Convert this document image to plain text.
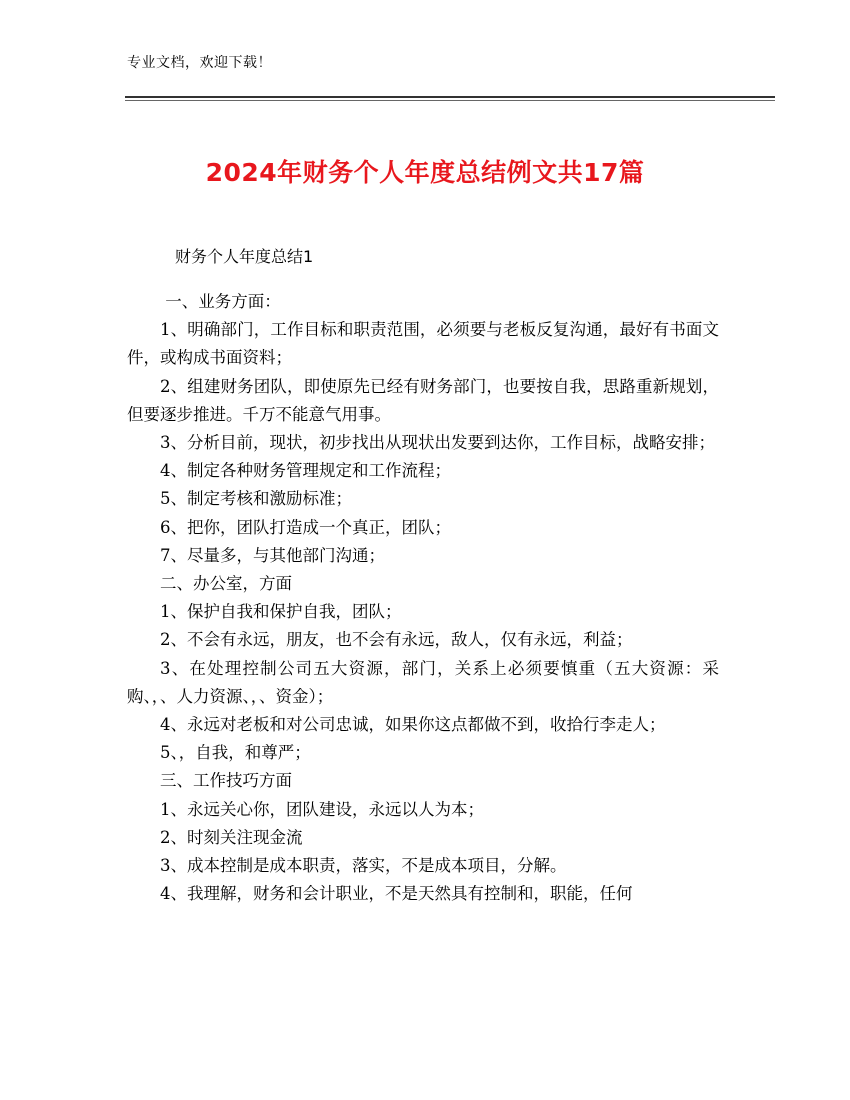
专业文档，欢迎下载！
2024年财务个人年度总结例文共17篇
财务个人年度总结1

一、业务方面：

1、明确部门，工作目标和职责范围，必须要与老板反复沟通，最好有书面文件，或构成书面资料；

2、组建财务团队，即使原先已经有财务部门，也要按自我，思路重新规划，但要逐步推进。千万不能意气用事。

3、分析目前，现状，初步找出从现状出发要到达你，工作目标，战略安排；

4、制定各种财务管理规定和工作流程；

5、制定考核和激励标准；

6、把你，团队打造成一个真正，团队；

7、尽量多，与其他部门沟通；

二、办公室，方面

1、保护自我和保护自我，团队；

2、不会有永远，朋友，也不会有永远，敌人，仅有永远，利益；

3、在处理控制公司五大资源，部门，关系上必须要慎重（五大资源：采购、，、人力资源、，、资金）；

4、永远对老板和对公司忠诚，如果你这点都做不到，收拾行李走人；

5、，自我，和尊严；

三、工作技巧方面

1、永远关心你，团队建设，永远以人为本；

2、时刻关注现金流

3、成本控制是成本职责，落实，不是成本项目，分解。

4、我理解，财务和会计职业，不是天然具有控制和，职能，任何
